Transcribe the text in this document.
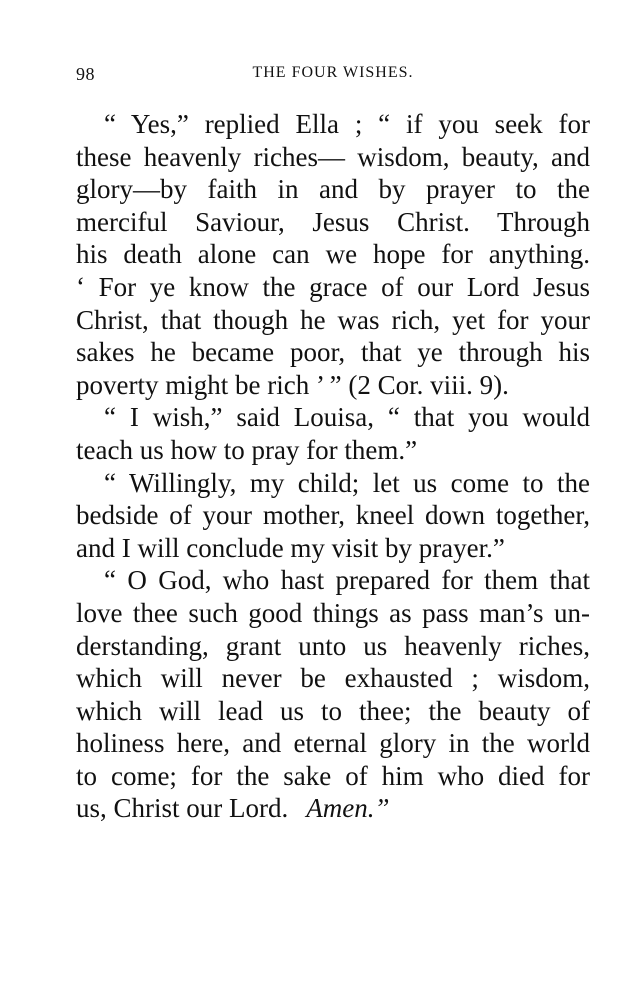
98	THE FOUR WISHES.
“ Yes,” replied Ella ; “ if you seek for
these heavenly riches— wisdom, beauty, and
glory—by faith in and by prayer to the
merciful Saviour, Jesus Christ. Through
his death alone can we hope for anything.
‘ For ye know the grace of our Lord Jesus
Christ, that though he was rich, yet for your
sakes he became poor, that ye through his
poverty might be rich ’ ” (2 Cor. viii. 9).
“ I wish,” said Louisa, “ that you would
teach us how to pray for them.”
“ Willingly, my child; let us come to the
bedside of your mother, kneel down together,
and I will conclude my visit by prayer.”
“ O God, who hast prepared for them that
love thee such good things as pass man’s un-
derstanding, grant unto us heavenly riches,
which will never be exhausted ; wisdom,
which will lead us to thee; the beauty of
holiness here, and eternal glory in the world
to come; for the sake of him who died for
us, Christ our Lord. Amen.”
